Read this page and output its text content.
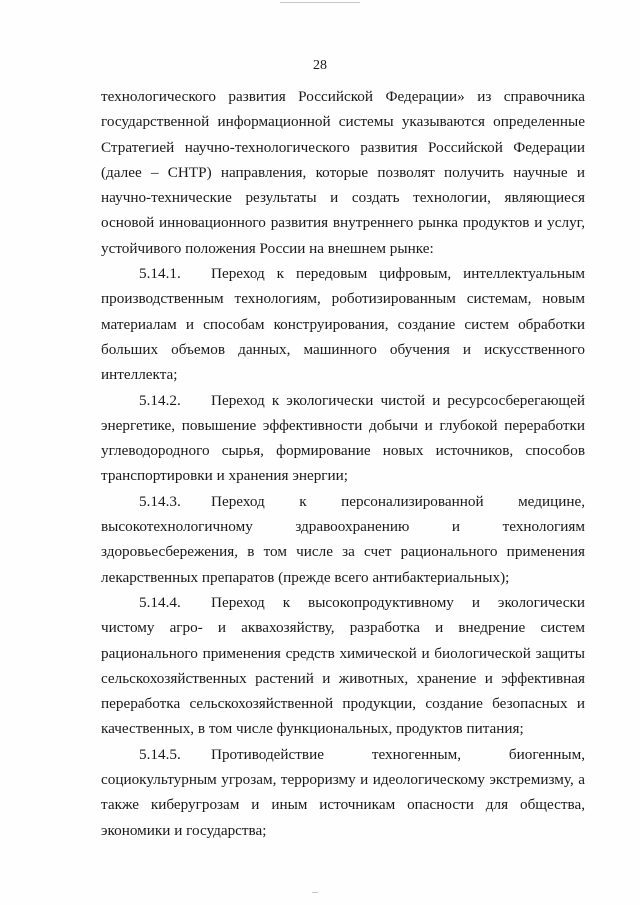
28

технологического развития Российской Федерации» из справочника государственной информационной системы указываются определенные Стратегией научно-технологического развития Российской Федерации (далее – СНТР) направления, которые позволят получить научные и научно-технические результаты и создать технологии, являющиеся основой инновационного развития внутреннего рынка продуктов и услуг, устойчивого положения России на внешнем рынке:

5.14.1. Переход к передовым цифровым, интеллектуальным производственным технологиям, роботизированным системам, новым материалам и способам конструирования, создание систем обработки больших объемов данных, машинного обучения и искусственного интеллекта;

5.14.2. Переход к экологически чистой и ресурсосберегающей энергетике, повышение эффективности добычи и глубокой переработки углеводородного сырья, формирование новых источников, способов транспортировки и хранения энергии;

5.14.3. Переход к персонализированной медицине, высокотехнологичному здравоохранению и технологиям здоровьесбережения, в том числе за счет рационального применения лекарственных препаратов (прежде всего антибактериальных);

5.14.4. Переход к высокопродуктивному и экологически чистому агро- и аквахозяйству, разработка и внедрение систем рационального применения средств химической и биологической защиты сельскохозяйственных растений и животных, хранение и эффективная переработка сельскохозяйственной продукции, создание безопасных и качественных, в том числе функциональных, продуктов питания;

5.14.5. Противодействие техногенным, биогенным, социокультурным угрозам, терроризму и идеологическому экстремизму, а также киберугрозам и иным источникам опасности для общества, экономики и государства;
